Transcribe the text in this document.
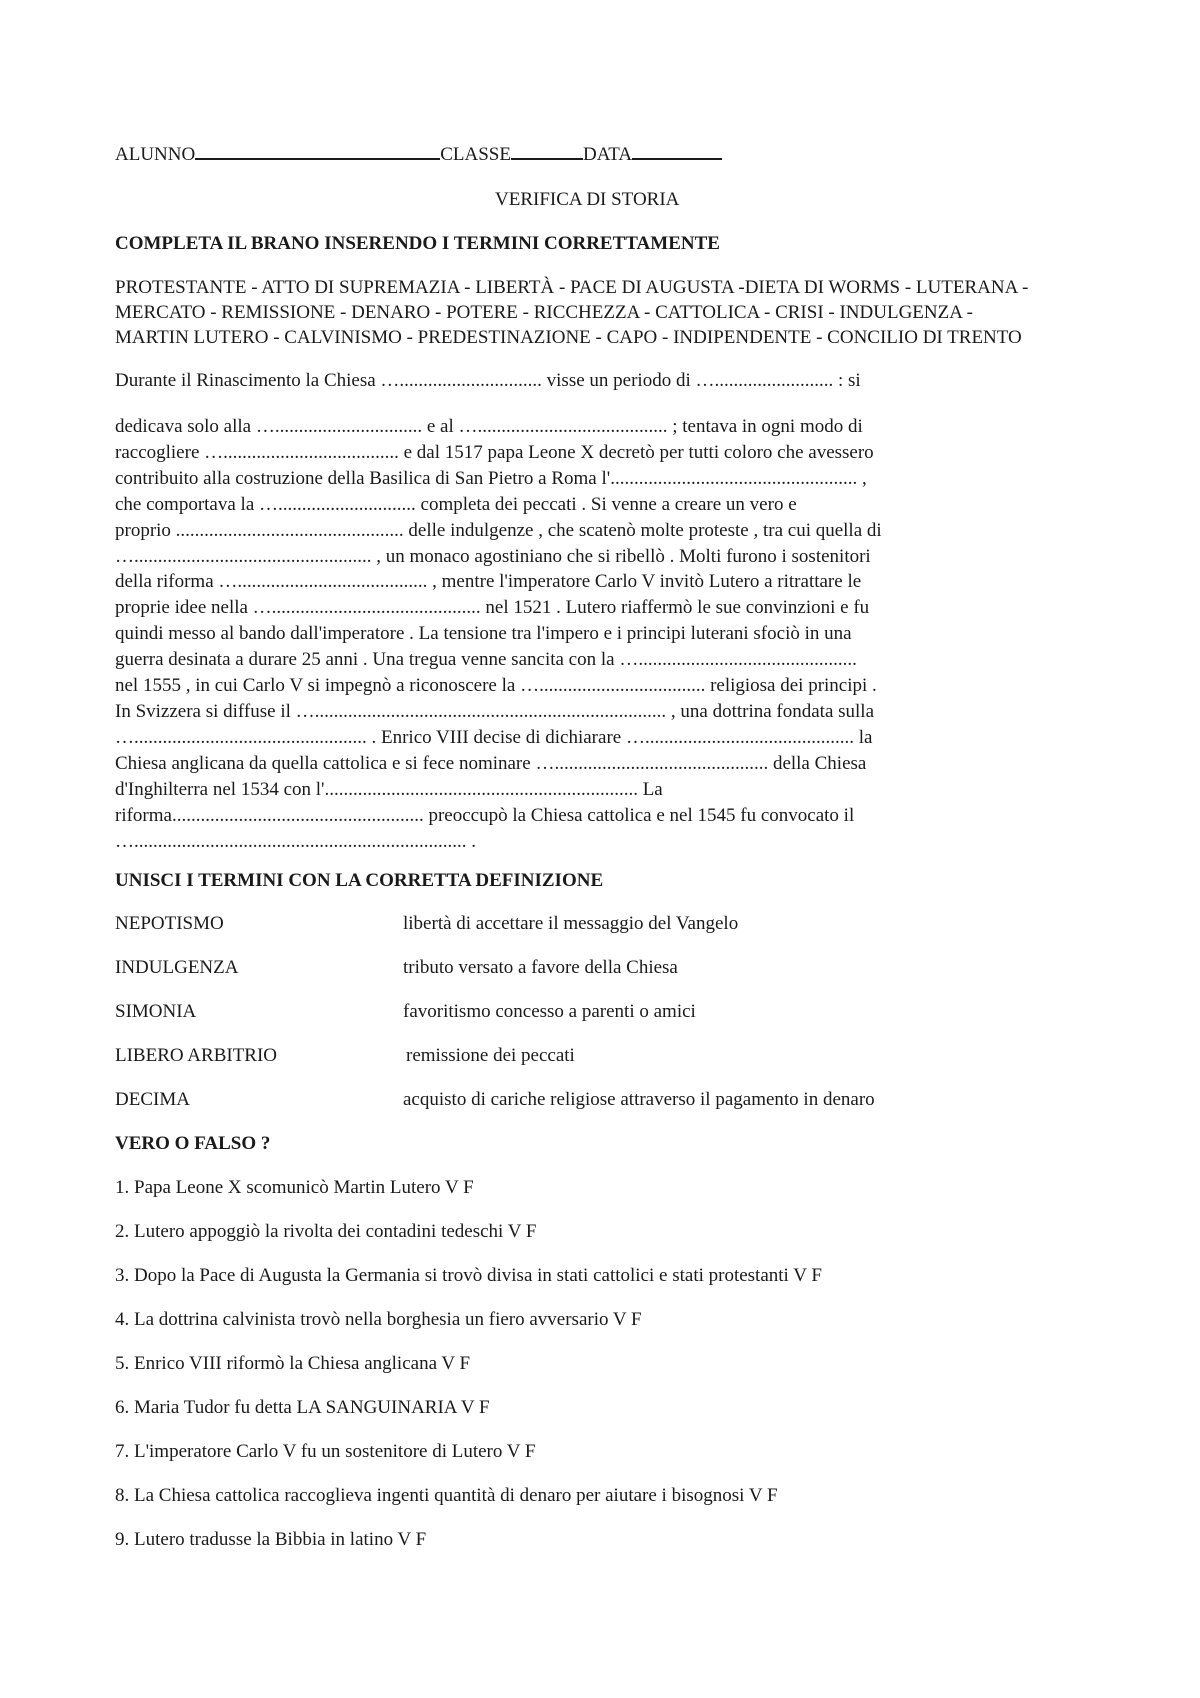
ALUNNO	CLASSE	DATA
VERIFICA DI STORIA
COMPLETA IL BRANO INSERENDO I TERMINI CORRETTAMENTE
PROTESTANTE - ATTO DI SUPREMAZIA - LIBERTÀ - PACE DI AUGUSTA -DIETA DI WORMS - LUTERANA -
MERCATO - REMISSIONE - DENARO - POTERE - RICCHEZZA - CATTOLICA - CRISI - INDULGENZA -
MARTIN LUTERO - CALVINISMO - PREDESTINAZIONE - CAPO - INDIPENDENTE - CONCILIO DI TRENTO
Durante il Rinascimento la Chiesa ….............................. visse un periodo di …......................... : si
dedicava solo alla …............................... e al …........................................ ; tentava in ogni modo di
raccogliere …..................................... e dal 1517 papa Leone X decretò per tutti coloro che avessero
contribuito alla costruzione della Basilica di San Pietro a Roma l'.................................................... ,
che comportava la …............................. completa dei peccati . Si venne a creare un vero e
proprio ................................................ delle indulgenze , che scatenò molte proteste , tra cui quella di
….................................................. , un monaco agostiniano che si ribellò . Molti furono i sostenitori
della riforma …........................................ , mentre l'imperatore Carlo V invitò Lutero a ritrattare le
proprie idee nella …............................................ nel 1521 . Lutero riaffermò le sue convinzioni e fu
quindi messo al bando dall'imperatore . La tensione tra l'impero e i principi luterani sfociò in una
guerra desinata a durare 25 anni . Una tregua venne sancita con la …..............................................
nel 1555 , in cui Carlo V si impegnò a riconoscere la …................................... religiosa dei principi .
In Svizzera si diffuse il ….......................................................................... , una dottrina fondata sulla
…................................................. . Enrico VIII decise di dichiarare …............................................ la
Chiesa anglicana da quella cattolica e si fece nominare …............................................. della Chiesa
d'Inghilterra nel 1534 con l'.................................................................. La
riforma..................................................... preoccupò la Chiesa cattolica e nel 1545 fu convocato il
…...................................................................... .
UNISCI I TERMINI CON LA CORRETTA DEFINIZIONE
NEPOTISMO	libertà di accettare il messaggio del Vangelo
INDULGENZA	tributo versato a favore della Chiesa
SIMONIA	favoritismo concesso a parenti o amici
LIBERO ARBITRIO	remissione dei peccati
DECIMA	acquisto di cariche religiose attraverso il pagamento in denaro
VERO O FALSO ?
1. Papa Leone X scomunicò Martin Lutero V F
2. Lutero appoggiò la rivolta dei contadini tedeschi V F
3. Dopo la Pace di Augusta la Germania si trovò divisa in stati cattolici e stati protestanti V F
4. La dottrina calvinista trovò nella borghesia un fiero avversario V F
5. Enrico VIII riformò la Chiesa anglicana V F
6. Maria Tudor fu detta LA SANGUINARIA V F
7. L'imperatore Carlo V fu un sostenitore di Lutero V F
8. La Chiesa cattolica raccoglieva ingenti quantità di denaro per aiutare i bisognosi V F
9. Lutero tradusse la Bibbia in latino V F
